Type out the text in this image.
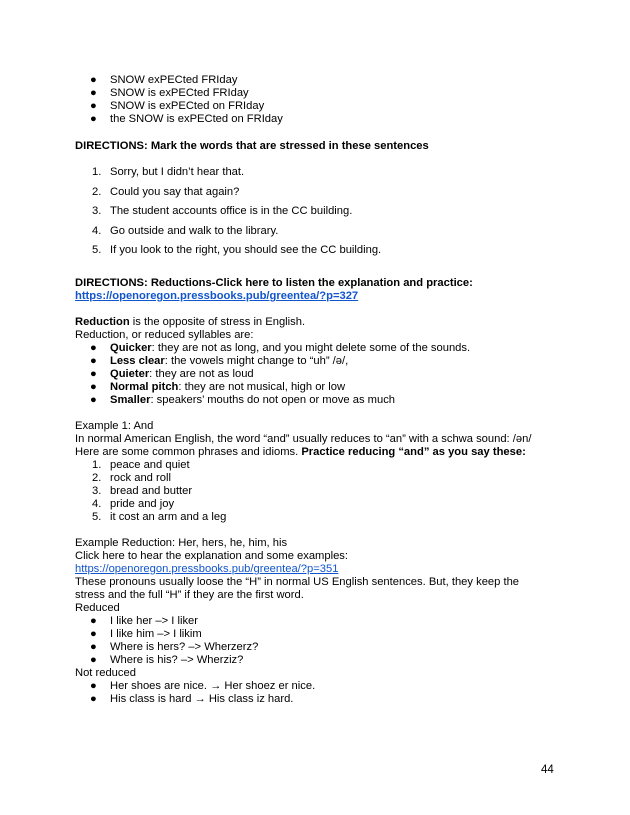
● SNOW exPECted FRIday
● SNOW is exPECted FRIday
● SNOW is exPECted on FRIday
● the SNOW is exPECted on FRIday
DIRECTIONS: Mark the words that are stressed in these sentences
1. Sorry, but I didn’t hear that.
2. Could you say that again?
3. The student accounts office is in the CC building.
4. Go outside and walk to the library.
5. If you look to the right, you should see the CC building.
DIRECTIONS: Reductions-Click here to listen the explanation and practice:
https://openoregon.pressbooks.pub/greentea/?p=327
Reduction is the opposite of stress in English.
Reduction, or reduced syllables are:
● Quicker: they are not as long, and you might delete some of the sounds.
● Less clear: the vowels might change to “uh” /ə/,
● Quieter: they are not as loud
● Normal pitch: they are not musical, high or low
● Smaller: speakers’ mouths do not open or move as much
Example 1: And
In normal American English, the word “and” usually reduces to “an” with a schwa sound: /ən/
Here are some common phrases and idioms. Practice reducing “and” as you say these:
1. peace and quiet
2. rock and roll
3. bread and butter
4. pride and joy
5. it cost an arm and a leg
Example Reduction: Her, hers, he, him, his
Click here to hear the explanation and some examples:
https://openoregon.pressbooks.pub/greentea/?p=351
These pronouns usually loose the “H” in normal US English sentences. But, they keep the
stress and the full “H” if they are the first word.
Reduced
● I like her –> I liker
● I like him –> I likim
● Where is hers? –> Wherzerz?
● Where is his? –> Wherziz?
Not reduced
● Her shoes are nice. → Her shoez er nice.
● His class is hard → His class iz hard.
44
